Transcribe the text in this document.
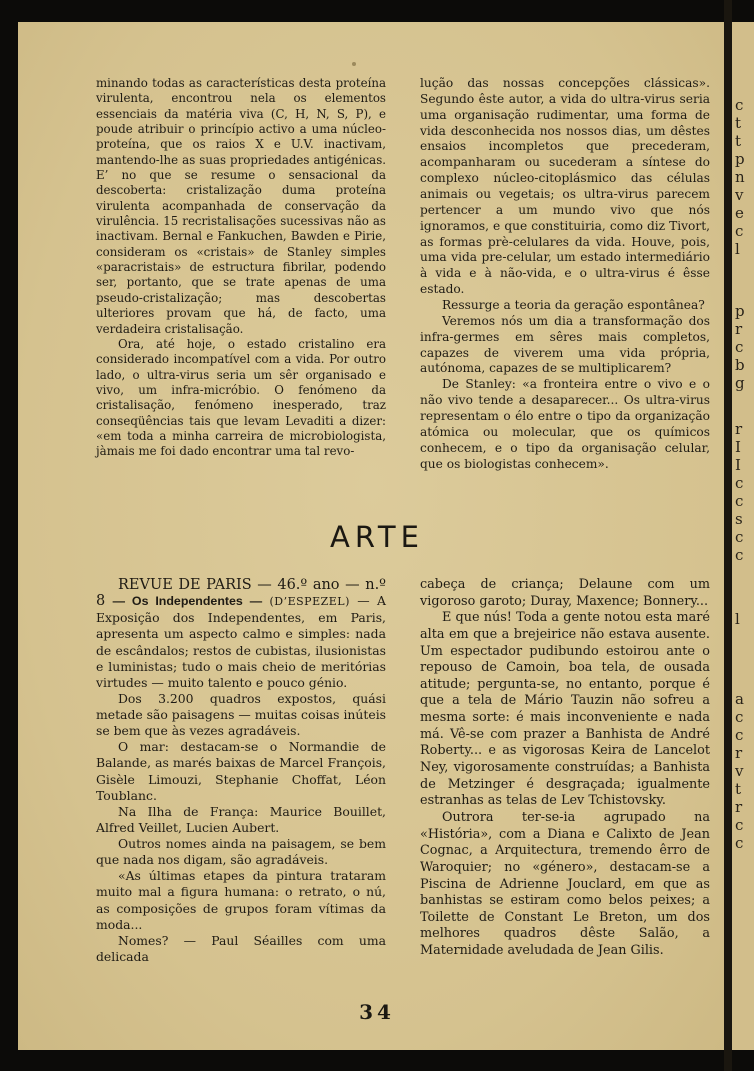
c
t
t
p
n
v
e
c
l
p
r
c
b
g
r
I
I
c
c
s
c
c
l
a
c
c
r
v
t
r
c
c

minando todas as características desta proteína virulenta, encontrou nela os elementos essenciais da matéria viva (C, H, N, S, P), e poude atribuir o princípio activo a uma núcleo-proteína, que os raios X e U.V. inactivam, mantendo-lhe as suas propriedades antigénicas. E’ no que se resume o sensacional da descoberta: cristalização duma proteína virulenta acompanhada de conservação da virulência. 15 recristalisações sucessivas não as inactivam. Bernal e Fankuchen, Bawden e Pirie, consideram os «cristais» de Stanley simples «paracristais» de estructura fibrilar, podendo ser, portanto, que se trate apenas de uma pseudo-cristalização; mas descobertas ulteriores provam que há, de facto, uma verdadeira cristalisação.

Ora, até hoje, o estado cristalino era considerado incompatível com a vida. Por outro lado, o ultra-virus seria um sêr organisado e vivo, um infra-micróbio. O fenómeno da cristalisação, fenómeno inesperado, traz conseqüências tais que levam Levaditi a dizer: «em toda a minha carreira de microbiologista, jàmais me foi dado encontrar uma tal revo-

lução das nossas concepções clássicas». Segundo êste autor, a vida do ultra-virus seria uma organisação rudimentar, uma forma de vida desconhecida nos nossos dias, um dêstes ensaios incompletos que precederam, acompanharam ou sucederam a síntese do complexo núcleo-citoplásmico das células animais ou vegetais; os ultra-virus parecem pertencer a um mundo vivo que nós ignoramos, e que constituiria, como diz Tivort, as formas prè-celulares da vida. Houve, pois, uma vida pre-celular, um estado intermediário à vida e à não-vida, e o ultra-virus é êsse estado.

Ressurge a teoria da geração espontânea?

Veremos nós um dia a transformação dos infra-germes em sêres mais completos, capazes de viverem uma vida própria, autónoma, capazes de se multiplicarem?

De Stanley: «a fronteira entre o vivo e o não vivo tende a desaparecer... Os ultra-virus representam o élo entre o tipo da organização atómica ou molecular, que os químicos conhecem, e o tipo da organisação celular, que os biologistas conhecem».

ARTE

REVUE DE PARIS — 46.º ano — n.º 8 — Os Independentes — (D’ESPEZEL) — A Exposição dos Independentes, em Paris, apresenta um aspecto calmo e simples: nada de escândalos; restos de cubistas, ilusionistas e luministas; tudo o mais cheio de meritórias virtudes — muito talento e pouco génio.

Dos 3.200 quadros expostos, quási metade são paisagens — muitas coisas inúteis se bem que às vezes agradáveis.

O mar: destacam-se o Normandie de Balande, as marés baixas de Marcel François, Gisèle Limouzi, Stephanie Choffat, Léon Toublanc.

Na Ilha de França: Maurice Bouillet, Alfred Veillet, Lucien Aubert.

Outros nomes ainda na paisagem, se bem que nada nos digam, são agradáveis.

«As últimas etapes da pintura trataram muito mal a figura humana: o retrato, o nú, as composições de grupos foram vítimas da moda...

Nomes? — Paul Séailles com uma delicada

cabeça de criança; Delaune com um vigoroso garoto; Duray, Maxence; Bonnery...

E que nús! Toda a gente notou esta maré alta em que a brejeirice não estava ausente. Um espectador pudibundo estoirou ante o repouso de Camoin, boa tela, de ousada atitude; pergunta-se, no entanto, porque é que a tela de Mário Tauzin não sofreu a mesma sorte: é mais inconveniente e nada má. Vê-se com prazer a Banhista de André Roberty... e as vigorosas Keira de Lancelot Ney, vigorosamente construídas; a Banhista de Metzinger é desgraçada; igualmente estranhas as telas de Lev Tchistovsky.

Outrora ter-se-ia agrupado na «História», com a Diana e Calixto de Jean Cognac, a Arquitectura, tremendo êrro de Waroquier; no «género», destacam-se a Piscina de Adrienne Jouclard, em que as banhistas se estiram como belos peixes; a Toilette de Constant Le Breton, um dos melhores quadros dêste Salão, a Maternidade aveludada de Jean Gilis.

34
